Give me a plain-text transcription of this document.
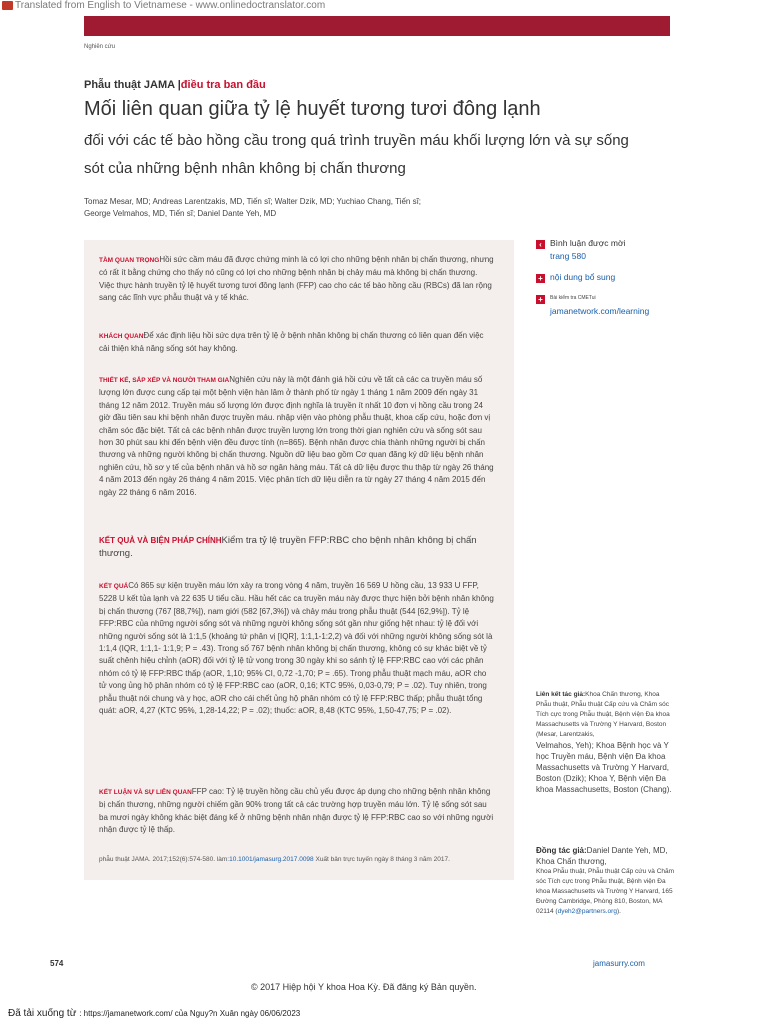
Translated from English to Vietnamese - www.onlinedoctranslator.com
Nghiên cứu
Phẫu thuật JAMA |điều tra ban đầu
Mối liên quan giữa tỷ lệ huyết tương tươi đông lạnh
đối với các tế bào hồng cầu trong quá trình truyền máu khối lượng lớn và sự sống
sót của những bệnh nhân không bị chấn thương
Tomaz Mesar, MD; Andreas Larentzakis, MD, Tiến sĩ; Walter Dzik, MD; Yuchiao Chang, Tiến sĩ;
George Velmahos, MD, Tiến sĩ; Daniel Dante Yeh, MD
TẦM QUAN TRỌNGHồi sức cầm máu đã được chứng minh là có lợi cho những bệnh nhân bị chấn thương, nhưng có rất ít bằng chứng cho thấy nó cũng có lợi cho những bệnh nhân bị chảy máu mà không bị chấn thương. Việc thực hành truyền tỷ lệ huyết tương tươi đông lạnh (FFP) cao cho các tế bào hồng cầu (RBCs) đã lan rộng sang các lĩnh vực phẫu thuật và y tế khác.
KHÁCH QUANĐể xác định liệu hồi sức dựa trên tỷ lệ ở bệnh nhân không bị chấn thương có liên quan đến việc cải thiện khả năng sống sót hay không.
THIẾT KẾ, SẮP XẾP VÀ NGƯỜI THAM GIANghiên cứu này là một đánh giá hồi cứu về tất cả các ca truyền máu số lượng lớn được cung cấp tại một bệnh viện hàn lâm ở thành phố từ ngày 1 tháng 1 năm 2009 đến ngày 31 tháng 12 năm 2012. Truyền máu số lượng lớn được định nghĩa là truyền ít nhất 10 đơn vị hồng cầu trong 24 giờ đầu tiên sau khi bệnh nhân được truyền máu. nhập viện vào phòng phẫu thuật, khoa cấp cứu, hoặc đơn vị chăm sóc đặc biệt. Tất cả các bệnh nhân được truyền lượng lớn trong thời gian nghiên cứu và sống sót sau hơn 30 phút sau khi đến bệnh viện đều được tính (n=865). Bệnh nhân được chia thành những người bị chấn thương và những người không bị chấn thương. Nguồn dữ liệu bao gồm Cơ quan đăng ký dữ liệu bệnh nhân nghiên cứu, hồ sơ y tế của bệnh nhân và hồ sơ ngân hàng máu. Tất cả dữ liệu được thu thập từ ngày 26 tháng 4 năm 2013 đến ngày 26 tháng 4 năm 2015. Việc phân tích dữ liệu diễn ra từ ngày 27 tháng 4 năm 2015 đến ngày 22 tháng 6 năm 2016.
KẾT QUẢ VÀ BIỆN PHÁP CHÍNHKiểm tra tỷ lệ truyền FFP:RBC cho bệnh nhân không bị chấn thương.
KẾT QUẢCó 865 sự kiện truyền máu lớn xảy ra trong vòng 4 năm, truyền 16 569 U hồng cầu, 13 933 U FFP, 5228 U kết tủa lạnh và 22 635 U tiểu cầu. Hầu hết các ca truyền máu này được thực hiện bởi bệnh nhân không bị chấn thương (767 [88,7%]), nam giới (582 [67,3%]) và chảy máu trong phẫu thuật (544 [62,9%]). Tỷ lệ FFP:RBC của những người sống sót và những người không sống sót gần như giống hệt nhau: tỷ lệ đối với những người sống sót là 1:1,5 (khoảng tứ phân vị [IQR], 1:1,1-1:2,2) và đối với những người không sống sót là 1:1,4 (IQR, 1:1,1- 1:1,9; P = .43). Trong số 767 bệnh nhân không bị chấn thương, không có sự khác biệt về tỷ suất chênh hiệu chỉnh (aOR) đối với tỷ lệ tử vong trong 30 ngày khi so sánh tỷ lệ FFP:RBC cao với các phân nhóm có tỷ lệ FFP:RBC thấp (aOR, 1,10; 95% CI, 0,72 -1,70; P = .65). Trong phẫu thuật mạch máu, aOR cho tử vong ủng hộ phân nhóm có tỷ lệ FFP:RBC cao (aOR, 0,16; KTC 95%, 0,03-0,79; P = .02). Tuy nhiên, trong phẫu thuật nói chung và y học, aOR cho cái chết ủng hộ phân nhóm có tỷ lệ FFP:RBC thấp; phẫu thuật tổng quát: aOR, 4,27 (KTC 95%, 1,28-14,22; P = .02); thuốc: aOR, 8,48 (KTC 95%, 1,50-47,75; P = .02).
KẾT LUẬN VÀ SỰ LIÊN QUANFFP cao: Tỷ lệ truyền hồng cầu chủ yếu được áp dụng cho những bệnh nhân không bị chấn thương, những người chiếm gần 90% trong tất cả các trường hợp truyền máu lớn. Tỷ lệ sống sót sau ba mươi ngày không khác biệt đáng kể ở những bệnh nhân nhận được tỷ lệ FFP:RBC cao so với những người nhận được tỷ lệ thấp.
phẫu thuật JAMA. 2017;152(6):574-580. làm:10.1001/jamasurg.2017.0098 Xuất bản trực tuyến ngày 8 tháng 3 năm 2017.
‹ Bình luận được mời
trang 580
+ nội dung bổ sung
+	Bài kiểm tra CMETui
jamanetwork.com/learning
Liên kết tác giả:Khoa Chấn thương, Khoa Phẫu thuật, Phẫu thuật Cấp cứu và Chăm sóc Tích cực trong Phẫu thuật, Bệnh viện Đa khoa Massachusetts và Trường Y Harvard, Boston (Mesar, Larentzakis,
Velmahos, Yeh); Khoa Bệnh học và Y học Truyền máu, Bệnh viện Đa khoa Massachusetts và Trường Y Harvard, Boston (Dzik); Khoa Y, Bệnh viện Đa khoa Massachusetts, Boston (Chang).
Đồng tác giả:Daniel Dante Yeh, MD, Khoa Chấn thương,
Khoa Phẫu thuật, Phẫu thuật Cấp cứu và Chăm sóc Tích cực trong Phẫu thuật, Bệnh viện Đa khoa Massachusetts và Trường Y Harvard, 165 Đường Cambridge, Phòng 810, Boston, MA 02114 (dyeh2@partners.org).
574	jamasurry.com
© 2017 Hiệp hội Y khoa Hoa Kỳ. Đã đăng ký Bản quyền.
Đã tải xuống từ : https://jamanetwork.com/ của Nguy?n Xuân ngày 06/06/2023
